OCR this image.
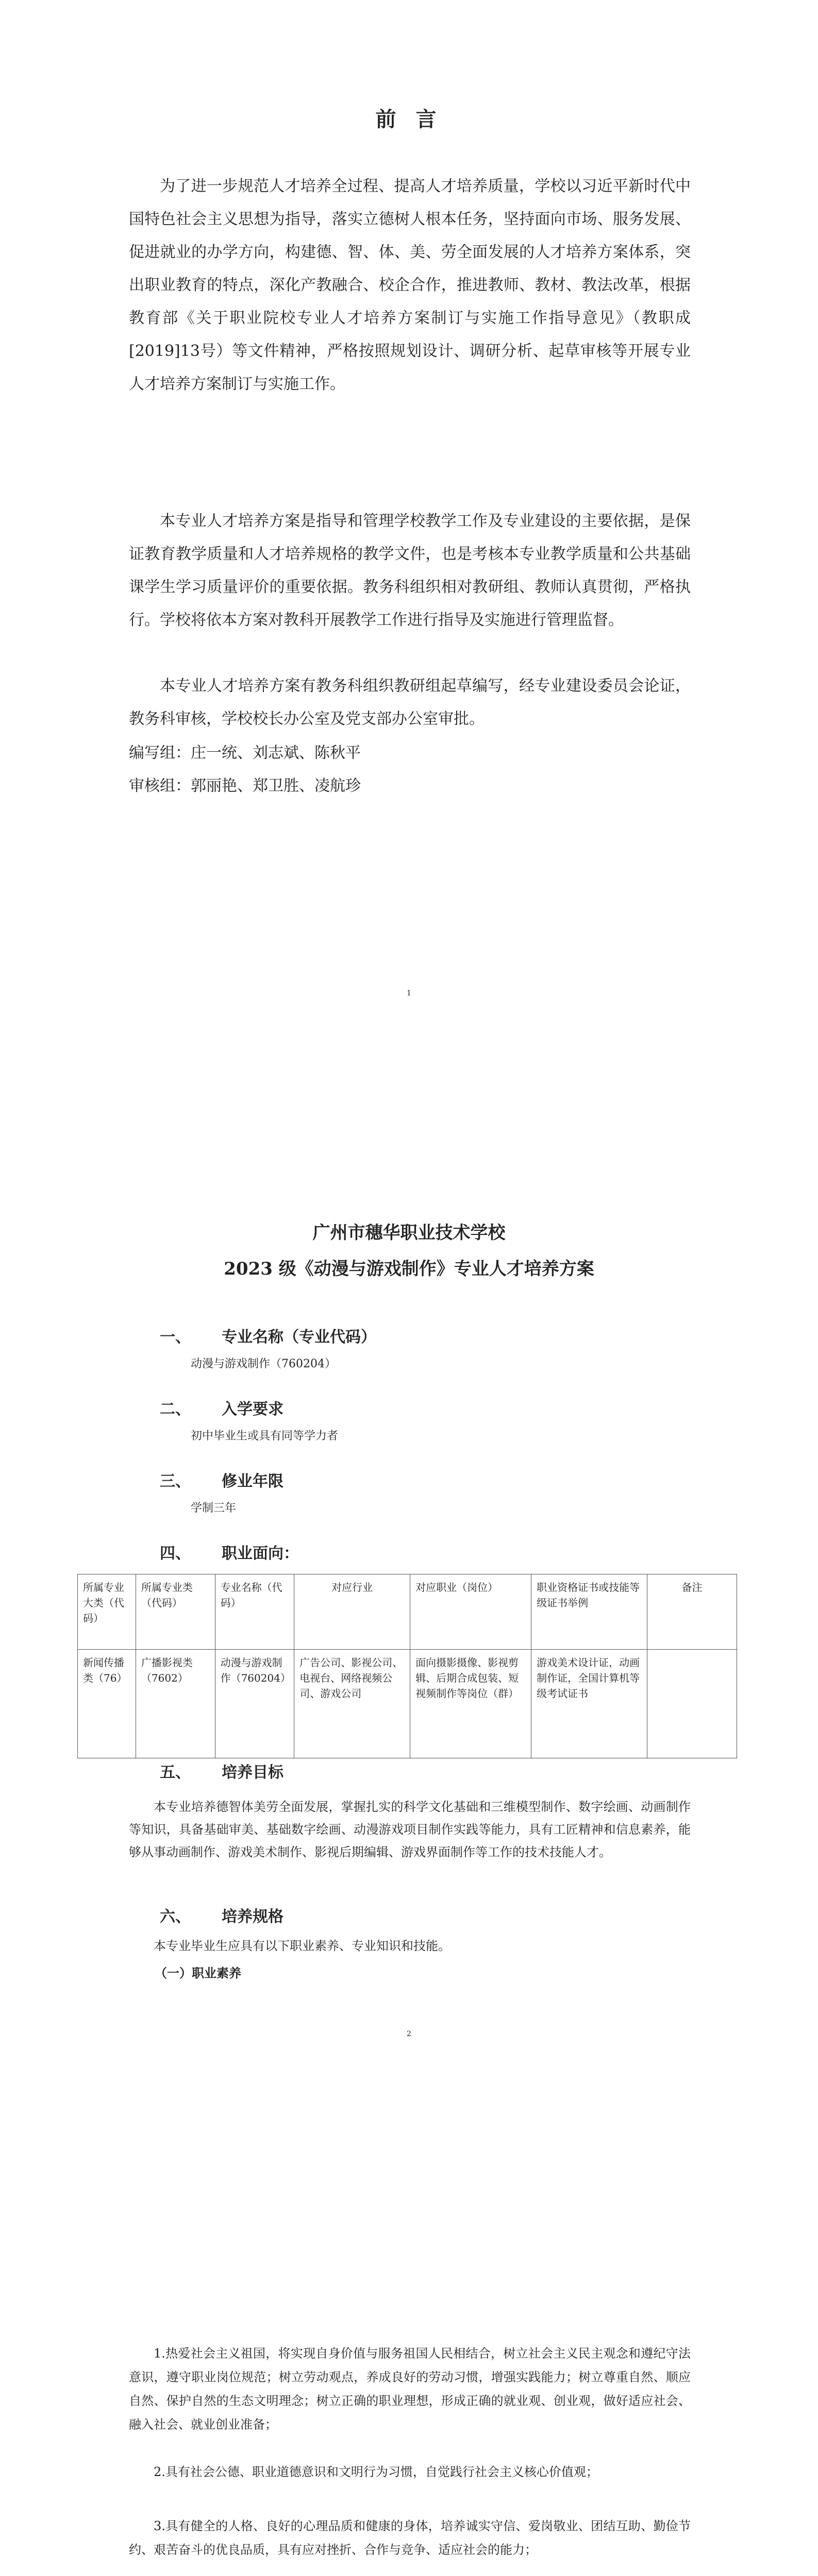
前 言

为了进一步规范人才培养全过程、提高人才培养质量，学校以习近平新时代中国特色社会主义思想为指导，落实立德树人根本任务，坚持面向市场、服务发展、促进就业的办学方向，构建德、智、体、美、劳全面发展的人才培养方案体系，突出职业教育的特点，深化产教融合、校企合作，推进教师、教材、教法改革，根据教育部《关于职业院校专业人才培养方案制订与实施工作指导意见》（教职成[2019]13号）等文件精神，严格按照规划设计、调研分析、起草审核等开展专业人才培养方案制订与实施工作。

本专业人才培养方案是指导和管理学校教学工作及专业建设的主要依据，是保证教育教学质量和人才培养规格的教学文件，也是考核本专业教学质量和公共基础课学生学习质量评价的重要依据。教务科组织相对教研组、教师认真贯彻，严格执行。学校将依本方案对教科开展教学工作进行指导及实施进行管理监督。

本专业人才培养方案有教务科组织教研组起草编写，经专业建设委员会论证，教务科审核，学校校长办公室及党支部办公室审批。

编写组：庄一统、刘志斌、陈秋平

审核组：郭丽艳、郑卫胜、凌航珍

1
广州市穗华职业技术学校
2023 级《动漫与游戏制作》专业人才培养方案
一、 专业名称（专业代码）
动漫与游戏制作（760204）
二、 入学要求
初中毕业生或具有同等学力者
三、 修业年限
学制三年
四、 职业面向：
所属专业大类（代码）	所属专业类（代码）	专业名称（代码）	对应行业	对应职业（岗位）	职业资格证书或技能等级证书举例	备注
新闻传播类（76）	广播影视类（7602）	动漫与游戏制作（760204）	广告公司、影视公司、电视台、网络视频公司、游戏公司	面向摄影摄像、影视剪辑、后期合成包装、短视频制作等岗位（群）	游戏美术设计证，动画制作证，全国计算机等级考试证书	
五、 培养目标

本专业培养德智体美劳全面发展，掌握扎实的科学文化基础和三维模型制作、数字绘画、动画制作等知识，具备基础审美、基础数字绘画、动漫游戏项目制作实践等能力，具有工匠精神和信息素养，能够从事动画制作、游戏美术制作、影视后期编辑、游戏界面制作等工作的技术技能人才。

六、 培养规格

本专业毕业生应具有以下职业素养、专业知识和技能。

（一）职业素养
2

1.热爱社会主义祖国，将实现自身价值与服务祖国人民相结合，树立社会主义民主观念和遵纪守法意识，遵守职业岗位规范；树立劳动观点，养成良好的劳动习惯，增强实践能力；树立尊重自然、顺应自然、保护自然的生态文明理念；树立正确的职业理想，形成正确的就业观、创业观，做好适应社会、融入社会、就业创业准备；

2.具有社会公德、职业道德意识和文明行为习惯，自觉践行社会主义核心价值观；

3.具有健全的人格、良好的心理品质和健康的身体，培养诚实守信、爱岗敬业、团结互助、勤俭节约、艰苦奋斗的优良品质，具有应对挫折、合作与竞争、适应社会的能力；
